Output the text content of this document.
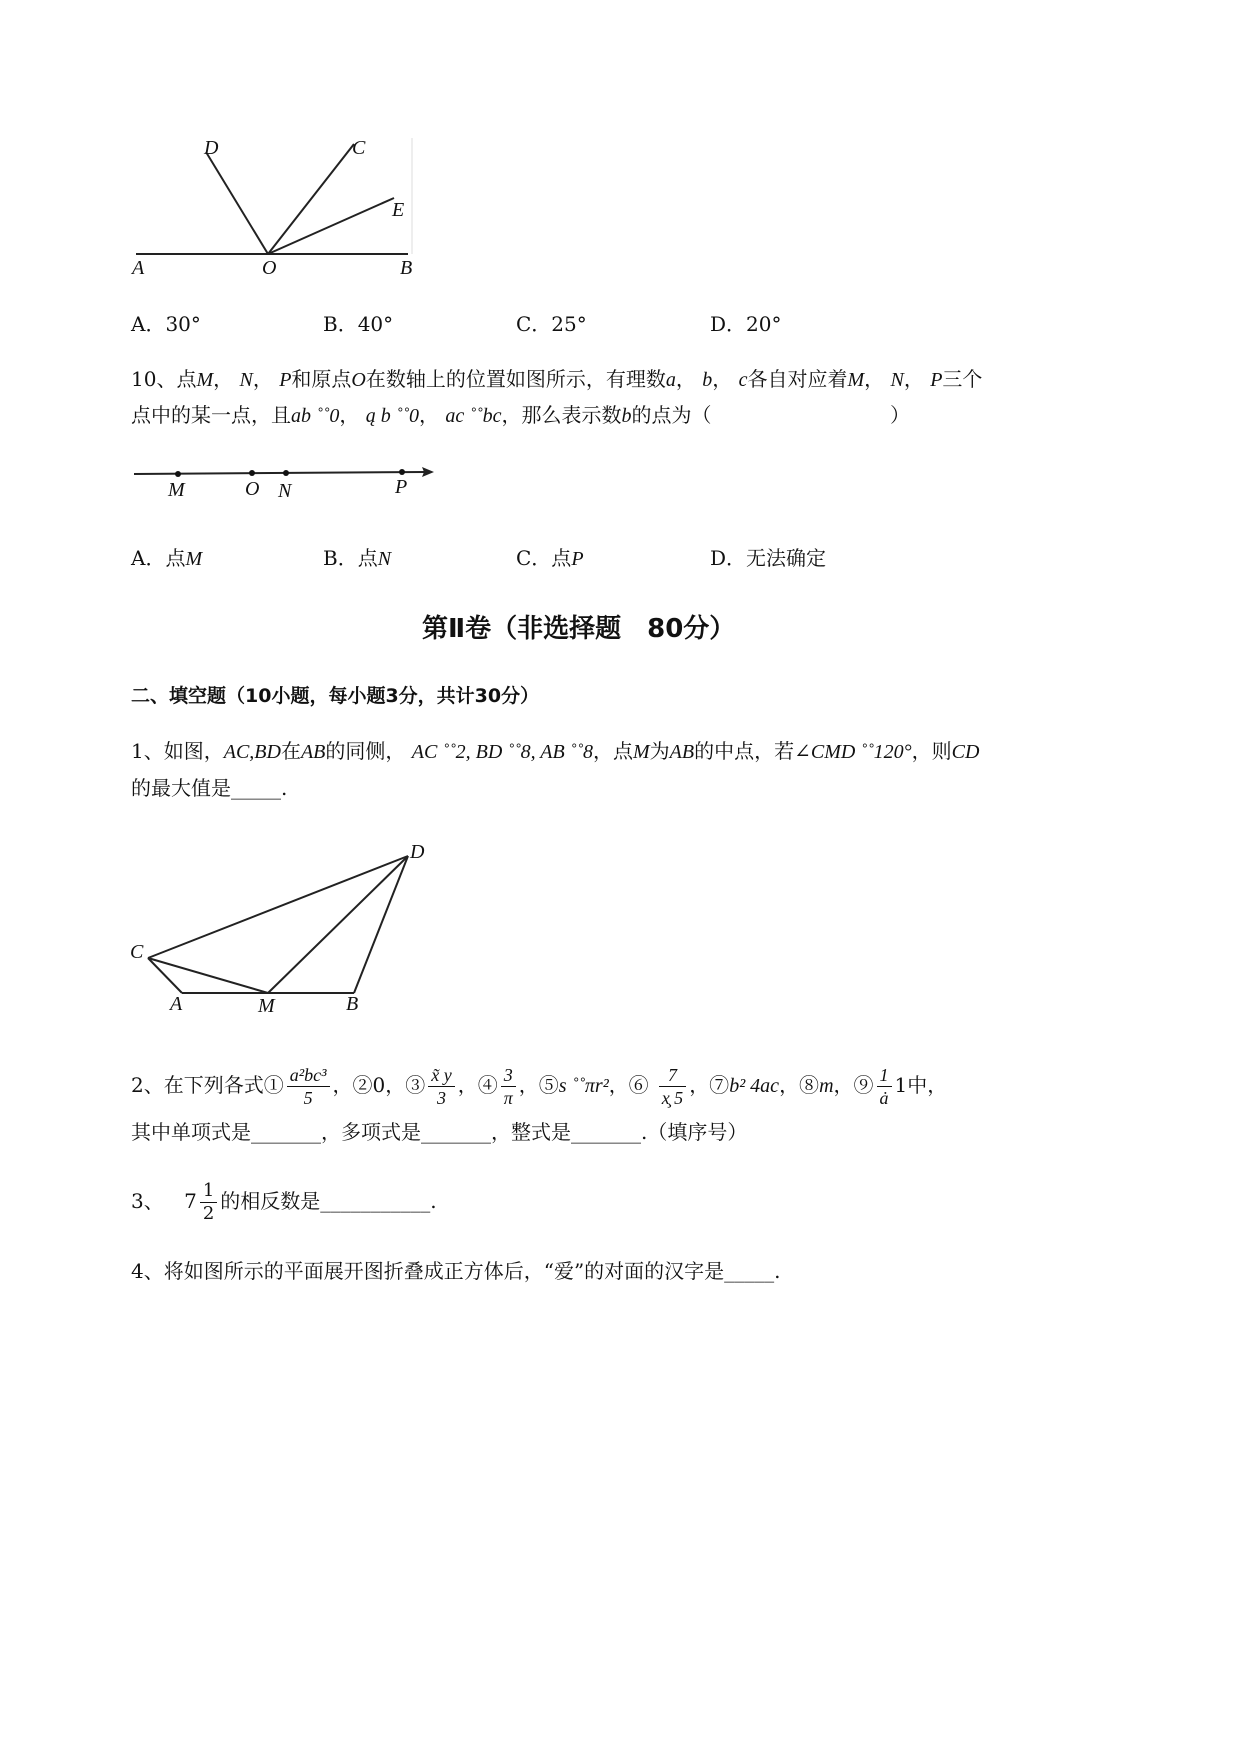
D	C
E
A	O	B
A．30°	B．40°	C．25°	D．20°
10、点M， N， P和原点O在数轴上的位置如图所示，有理数a， b， c各自对应着M， N， P三个
点中的某一点，且ab ˚˚0， ą b ˚˚0， ac ˚˚bc，那么表示数b的点为（	）
M	O N	P
A．点M	B．点N	C．点P	D．无法确定
第Ⅱ卷（非选择题　80分）
二、填空题（10小题，每小题3分，共计30分）
1、如图，AC,BD在AB的同侧， AC ˚˚2, BD ˚˚8, AB ˚˚8，点M为AB的中点，若∠CMD ˚˚120°，则CD
的最大值是_____.
D
C
A	M	B
2、在下列各式① $\frac{\text{a²bc³}}{5}$ ，②0，③ $\frac{x̃ y}{3}$ ，④ $\frac{3}{\pi}$ ，⑤s ˚˚πr²，⑥ $\frac{7}{x̧ 5}$ ，⑦b² 4ac，⑧m，⑨ $\frac{1}{ȧ} 1$中，
其中单项式是_______，多项式是_______，整式是_______.（填序号）
3、 $7 \frac{1}{2}$ 的相反数是___________.
4、将如图所示的平面展开图折叠成正方体后，“爱”的对面的汉字是_____.
